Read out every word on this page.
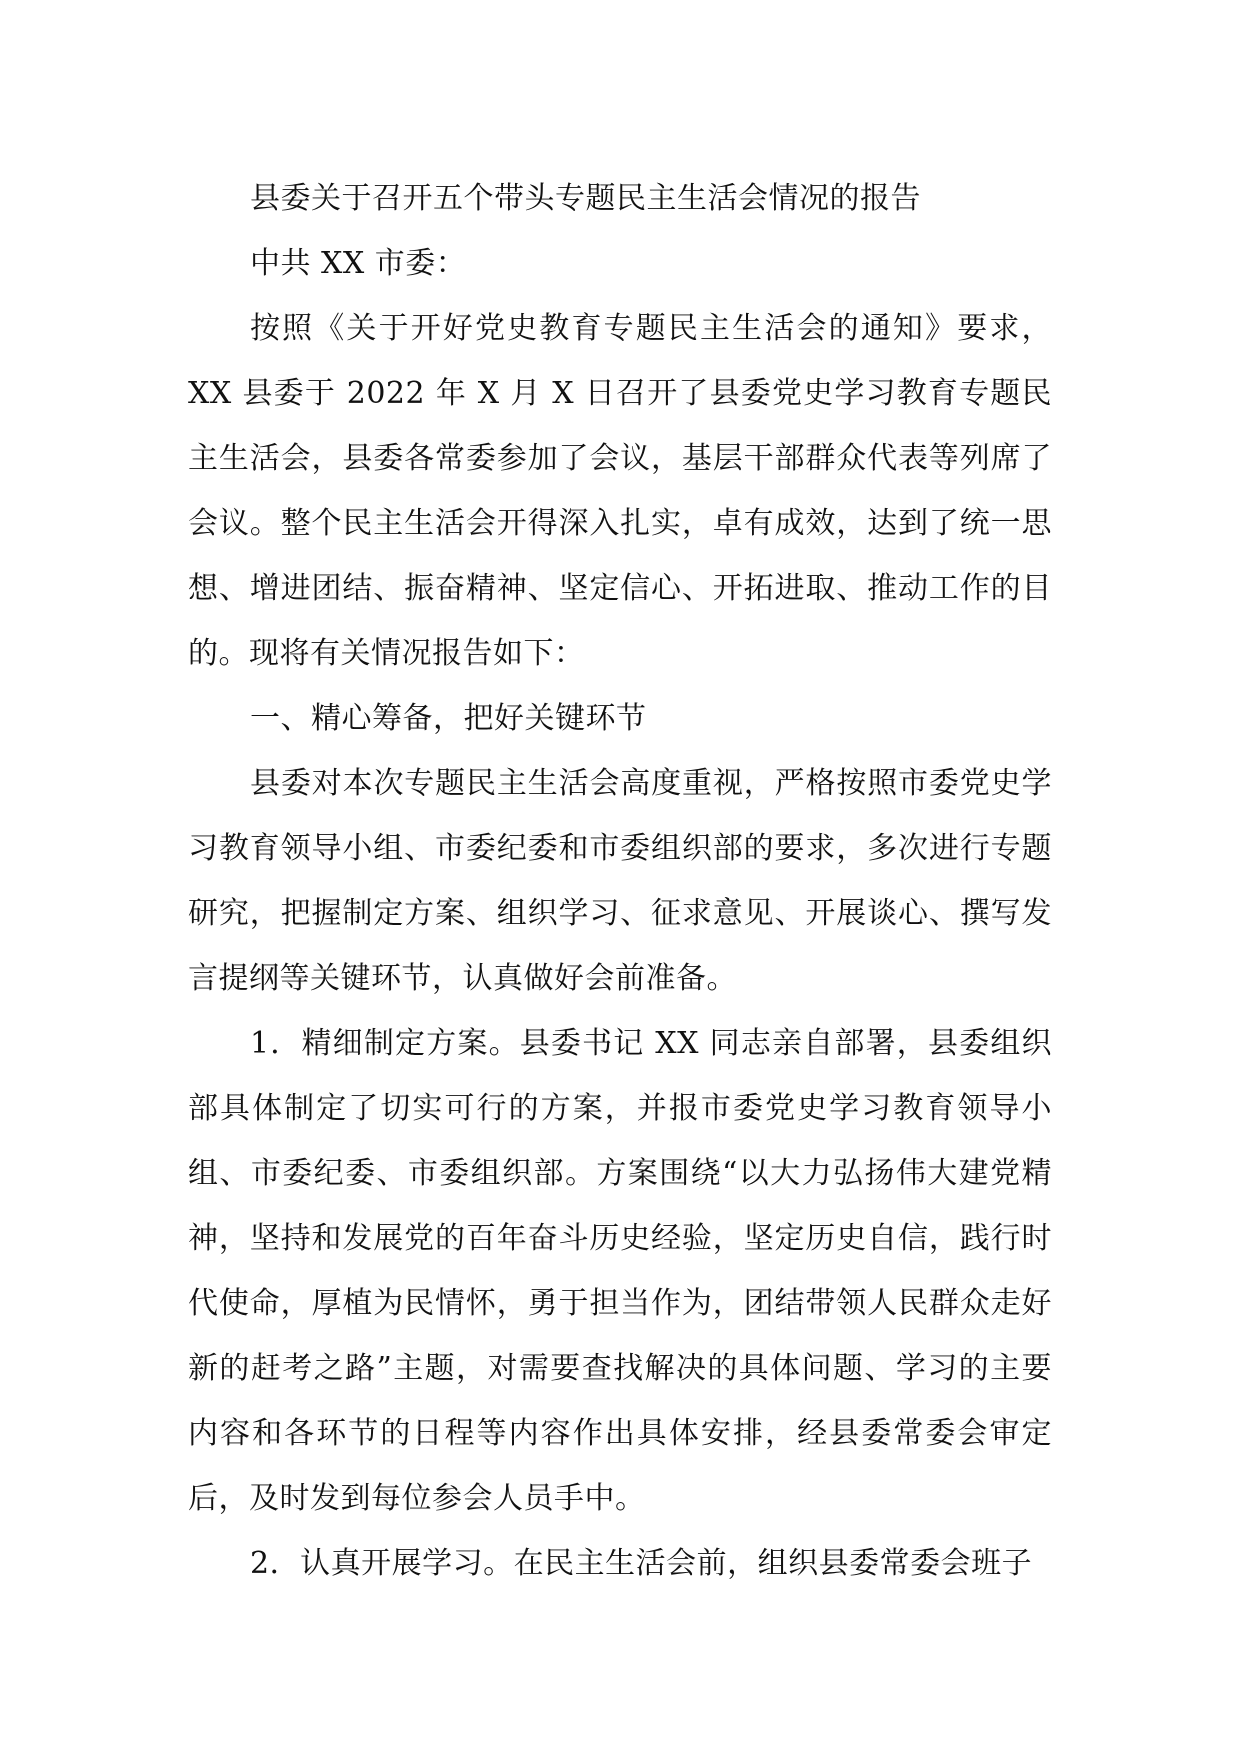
县委关于召开五个带头专题民主生活会情况的报告

中共 XX 市委：

按照《关于开好党史教育专题民主生活会的通知》要求，XX 县委于 2022 年 X 月 X 日召开了县委党史学习教育专题民主生活会，县委各常委参加了会议，基层干部群众代表等列席了会议。整个民主生活会开得深入扎实，卓有成效，达到了统一思想、增进团结、振奋精神、坚定信心、开拓进取、推动工作的目的。现将有关情况报告如下：

一、精心筹备，把好关键环节

县委对本次专题民主生活会高度重视，严格按照市委党史学习教育领导小组、市委纪委和市委组织部的要求，多次进行专题研究，把握制定方案、组织学习、征求意见、开展谈心、撰写发言提纲等关键环节，认真做好会前准备。

1．精细制定方案。县委书记 XX 同志亲自部署，县委组织部具体制定了切实可行的方案，并报市委党史学习教育领导小组、市委纪委、市委组织部。方案围绕“以大力弘扬伟大建党精神，坚持和发展党的百年奋斗历史经验，坚定历史自信，践行时代使命，厚植为民情怀，勇于担当作为，团结带领人民群众走好新的赶考之路”主题，对需要查找解决的具体问题、学习的主要内容和各环节的日程等内容作出具体安排，经县委常委会审定后，及时发到每位参会人员手中。

2．认真开展学习。在民主生活会前，组织县委常委会班子
